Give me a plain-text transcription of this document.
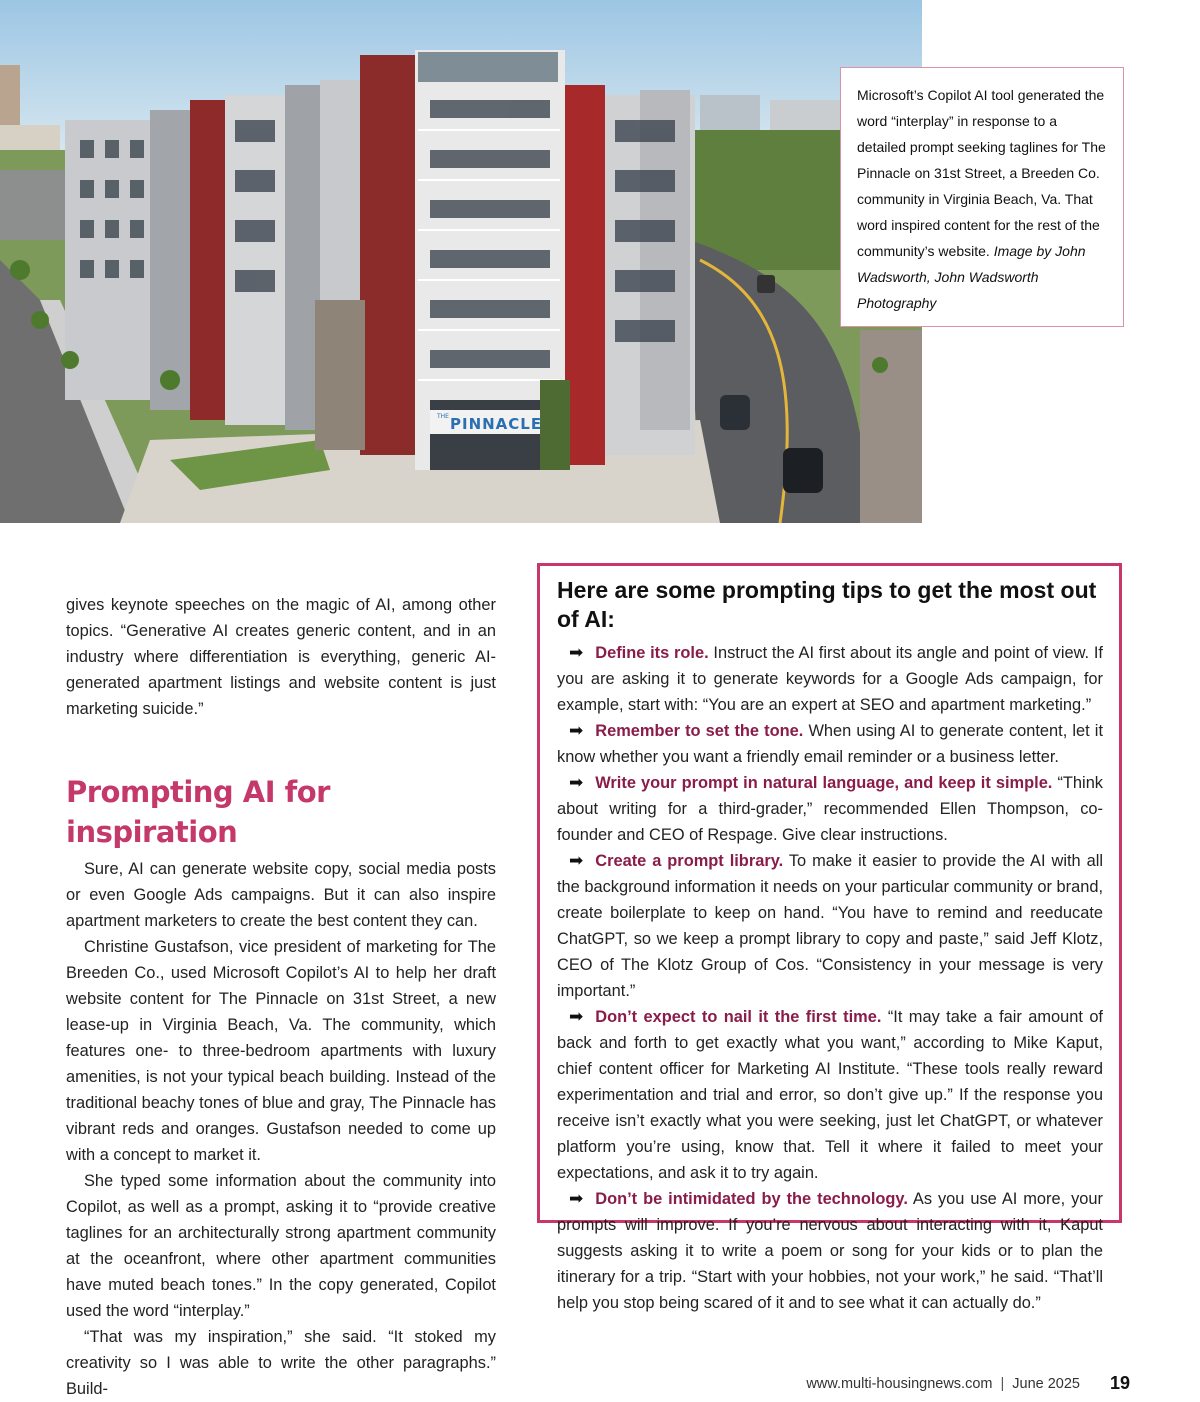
THE PINNACLE
Microsoft’s Copilot AI tool generated the word “interplay” in response to a detailed prompt seeking taglines for The Pinnacle on 31st Street, a Breeden Co. community in Virginia Beach, Va. That word inspired content for the rest of the community’s website. Image by John Wadsworth, John Wadsworth Photography

gives keynote speeches on the magic of AI, among other topics. “Generative AI creates generic content, and in an industry where differentiation is everything, generic AI-generated apartment listings and website content is just marketing suicide.”

Prompting AI for inspiration

Sure, AI can generate website copy, social media posts or even Google Ads campaigns. But it can also inspire apartment marketers to create the best content they can.

Christine Gustafson, vice president of marketing for The Breeden Co., used Microsoft Copilot’s AI to help her draft website content for The Pinnacle on 31st Street, a new lease-up in Virginia Beach, Va. The community, which features one- to three-bedroom apartments with luxury amenities, is not your typical beach building. Instead of the traditional beachy tones of blue and gray, The Pinnacle has vibrant reds and oranges. Gustafson needed to come up with a concept to market it.

She typed some information about the community into Copilot, as well as a prompt, asking it to “provide creative taglines for an architecturally strong apartment community at the oceanfront, where other apartment communities have muted beach tones.” In the copy generated, Copilot used the word “interplay.”

“That was my inspiration,” she said. “It stoked my creativity so I was able to write the other paragraphs.” Build-

Here are some prompting tips to get the most out of AI:

➡ Define its role. Instruct the AI first about its angle and point of view. If you are asking it to generate keywords for a Google Ads campaign, for example, start with: “You are an expert at SEO and apartment marketing.”

➡ Remember to set the tone. When using AI to generate content, let it know whether you want a friendly email reminder or a business letter.

➡ Write your prompt in natural language, and keep it simple. “Think about writing for a third-grader,” recommended Ellen Thompson, co-founder and CEO of Respage. Give clear instructions.

➡ Create a prompt library. To make it easier to provide the AI with all the background information it needs on your particular community or brand, create boilerplate to keep on hand. “You have to remind and reeducate ChatGPT, so we keep a prompt library to copy and paste,” said Jeff Klotz, CEO of The Klotz Group of Cos. “Consistency in your message is very important.”

➡ Don’t expect to nail it the first time. “It may take a fair amount of back and forth to get exactly what you want,” according to Mike Kaput, chief content officer for Marketing AI Institute. “These tools really reward experimentation and trial and error, so don’t give up.” If the response you receive isn’t exactly what you were seeking, just let ChatGPT, or whatever platform you’re using, know that. Tell it where it failed to meet your expectations, and ask it to try again.

➡ Don’t be intimidated by the technology. As you use AI more, your prompts will improve. If you’re nervous about interacting with it, Kaput suggests asking it to write a poem or song for your kids or to plan the itinerary for a trip. “Start with your hobbies, not your work,” he said. “That’ll help you stop being scared of it and to see what it can actually do.”

www.multi-housingnews.com | June 2025 19
